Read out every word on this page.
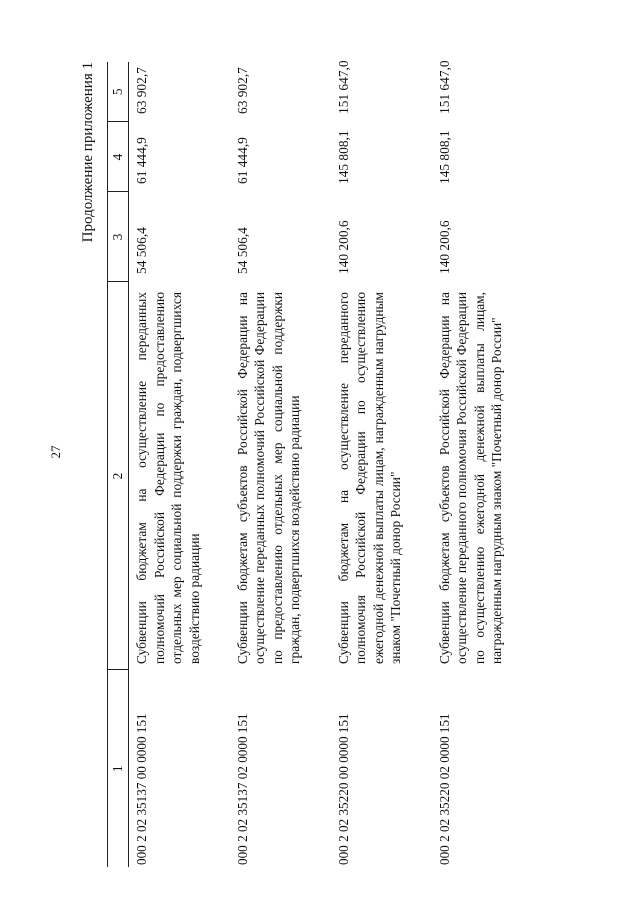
27
Продолжение приложения 1
1	2	3	4	5
000 2 02 35137 00 0000 151	Субвенции бюджетам на осуществление переданных полномочий Российской Федерации по предоставлению отдельных мер социальной поддержки граждан, подвергшихся воздействию радиации	54 506,4	61 444,9	63 902,7
000 2 02 35137 02 0000 151	Субвенции бюджетам субъектов Российской Федерации на осуществление переданных полномочий Российской Федерации по предоставлению отдельных мер социальной поддержки граждан, подвергшихся воздействию радиации	54 506,4	61 444,9	63 902,7
000 2 02 35220 00 0000 151	Субвенции бюджетам на осуществление переданного полномочия Российской Федерации по осуществлению ежегодной денежной выплаты лицам, награжденным нагрудным знаком "Почетный донор России"	140 200,6	145 808,1	151 647,0
000 2 02 35220 02 0000 151	Субвенции бюджетам субъектов Российской Федерации на осуществление переданного полномочия Российской Федерации по осуществлению ежегодной денежной выплаты лицам, награжденным нагрудным знаком "Почетный донор России"	140 200,6	145 808,1	151 647,0
